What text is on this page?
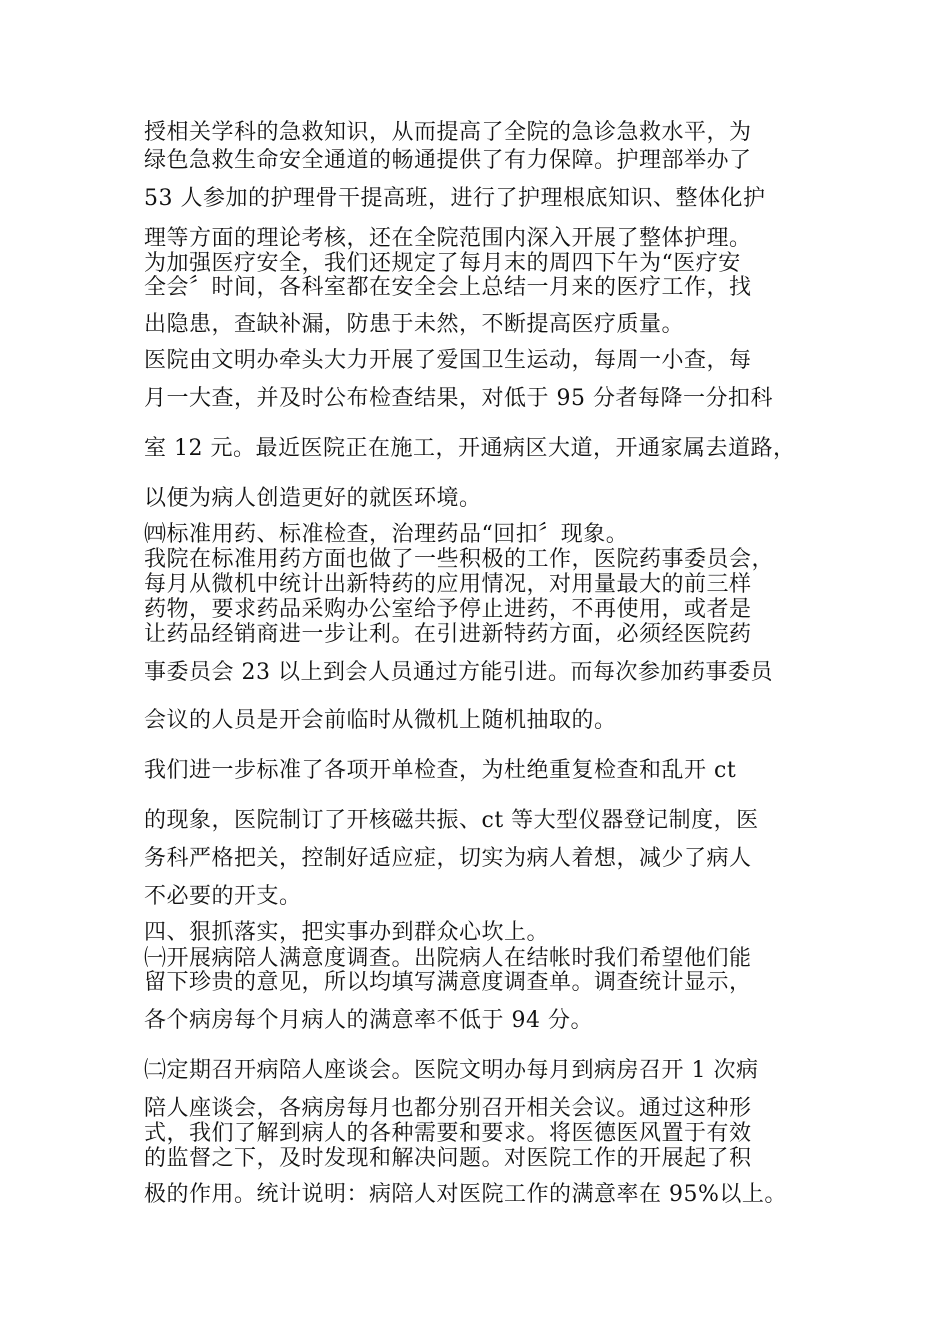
授相关学科的急救知识，从而提高了全院的急诊急救水平，为
绿色急救生命安全通道的畅通提供了有力保障。护理部举办了
53 人参加的护理骨干提高班，进行了护理根底知识、整体化护
理等方面的理论考核，还在全院范围内深入开展了整体护理。
为加强医疗安全，我们还规定了每月末的周四下午为“医疗安
全会〞时间，各科室都在安全会上总结一月来的医疗工作，找
出隐患，查缺补漏，防患于未然，不断提高医疗质量。
医院由文明办牵头大力开展了爱国卫生运动，每周一小查，每
月一大查，并及时公布检查结果，对低于 95 分者每降一分扣科
室 12 元。最近医院正在施工，开通病区大道，开通家属去道路，
以便为病人创造更好的就医环境。
㈣标准用药、标准检查，治理药品“回扣〞现象。
我院在标准用药方面也做了一些积极的工作，医院药事委员会，
每月从微机中统计出新特药的应用情况，对用量最大的前三样
药物，要求药品采购办公室给予停止进药，不再使用，或者是
让药品经销商进一步让利。在引进新特药方面，必须经医院药
事委员会 23 以上到会人员通过方能引进。而每次参加药事委员
会议的人员是开会前临时从微机上随机抽取的。
我们进一步标准了各项开单检查，为杜绝重复检查和乱开 ct
的现象，医院制订了开核磁共振、ct 等大型仪器登记制度，医
务科严格把关，控制好适应症，切实为病人着想，减少了病人
不必要的开支。
四、狠抓落实，把实事办到群众心坎上。
㈠开展病陪人满意度调查。出院病人在结帐时我们希望他们能
留下珍贵的意见，所以均填写满意度调查单。调查统计显示，
各个病房每个月病人的满意率不低于 94 分。
㈡定期召开病陪人座谈会。医院文明办每月到病房召开 1 次病
陪人座谈会，各病房每月也都分别召开相关会议。通过这种形
式，我们了解到病人的各种需要和要求。将医德医风置于有效
的监督之下，及时发现和解决问题。对医院工作的开展起了积
极的作用。统计说明：病陪人对医院工作的满意率在 95%以上。
